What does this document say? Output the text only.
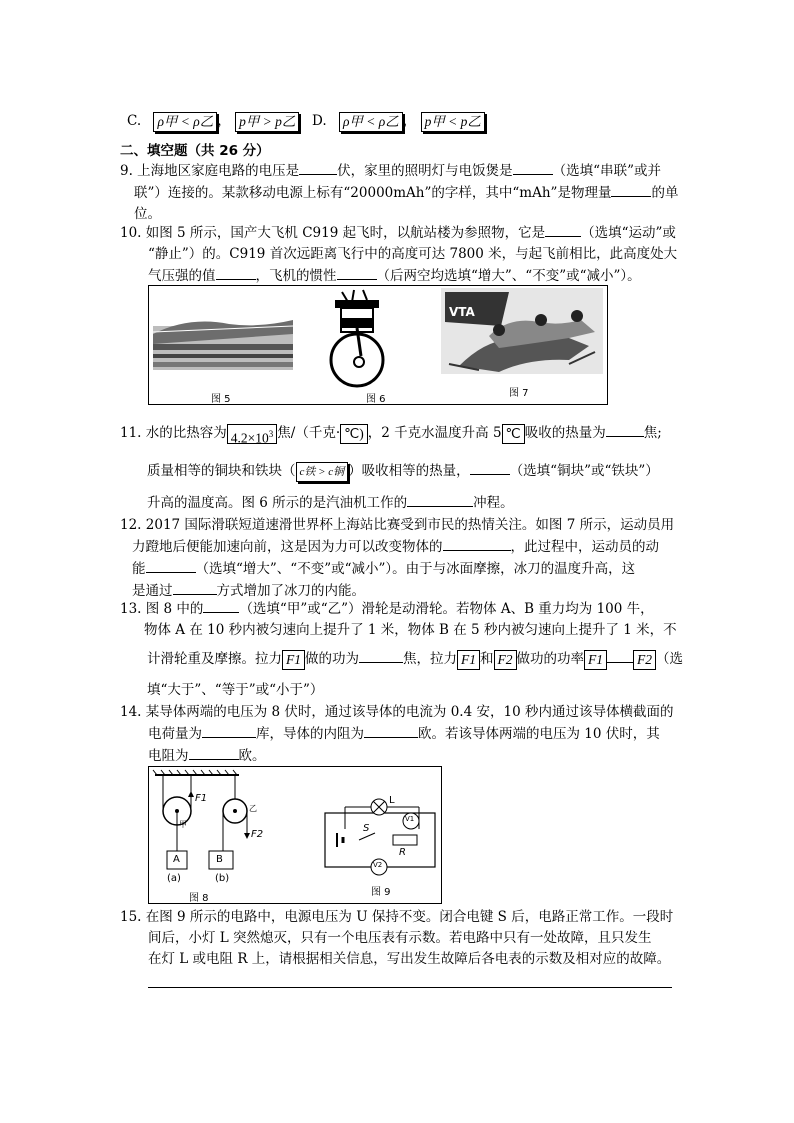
C. ρ甲 < ρ乙 ， p甲 > p乙 D. ρ甲 < ρ乙 ， p甲 < p乙
二、填空题（共 26 分）
9. 上海地区家庭电路的电压是	伏，家里的照明灯与电饭煲是	（选填“串联”或并
联”）连接的。某款移动电源上标有“20000mAh”的字样，其中“mAh”是物理量	的单
位。
10. 如图 5 所示，国产大飞机 C919 起飞时，以航站楼为参照物，它是	（选填“运动”或
“静止”）的。C919 首次远距离飞行中的高度可达 7800 米，与起飞前相比，此高度处大
气压强的值	，飞机的惯性	（后两空均选填“增大”、“不变”或“减小”）。
VTA
图 5	图 6
图 7
11. 水的比热容为 $4.2\times 10^3$ 焦/（千克· ℃) ，2 千克水温度升高 5 ℃ 吸收的热量为	焦;
质量相等的铜块和铁块（ c铁 > c铜 ）吸收相等的热量，	（选填“铜块”或“铁块”）
升高的温度高。图 6 所示的是汽油机工作的	冲程。
12. 2017 国际滑联短道速滑世界杯上海站比赛受到市民的热情关注。如图 7 所示，运动员用
力蹬地后便能加速向前，这是因为力可以改变物体的	，此过程中，运动员的动
能	（选填“增大”、“不变”或“减小”）。由于与冰面摩擦，冰刀的温度升高，这
是通过	方式增加了冰刀的内能。
13. 图 8 中的	（选填“甲”或“乙”）滑轮是动滑轮。若物体 A、B 重力均为 100 牛，
物体 A 在 10 秒内被匀速向上提升了 1 米，物体 B 在 5 秒内被匀速向上提升了 1 米，不
计滑轮重及摩擦。拉力 F1 做的功为	焦，拉力 F1 和 F2 做功的功率 F1	F2 （选
填“大于”、“等于”或“小于”）
14. 某导体两端的电压为 8 伏时，通过该导体的电流为 0.4 安，10 秒内通过该导体横截面的
电荷量为	库，导体的内阻为	欧。若该导体两端的电压为 10 伏时，其
电阻为	欧。
(a)	(b)
A	B
甲
乙
F1
F2
图 8
L
S
R
V1
V2
图 9
15. 在图 9 所示的电路中，电源电压为 U 保持不变。闭合电键 S 后，电路正常工作。一段时
间后，小灯 L 突然熄灭，只有一个电压表有示数。若电路中只有一处故障，且只发生
在灯 L 或电阻 R 上，请根据相关信息，写出发生故障后各电表的示数及相对应的故障。
